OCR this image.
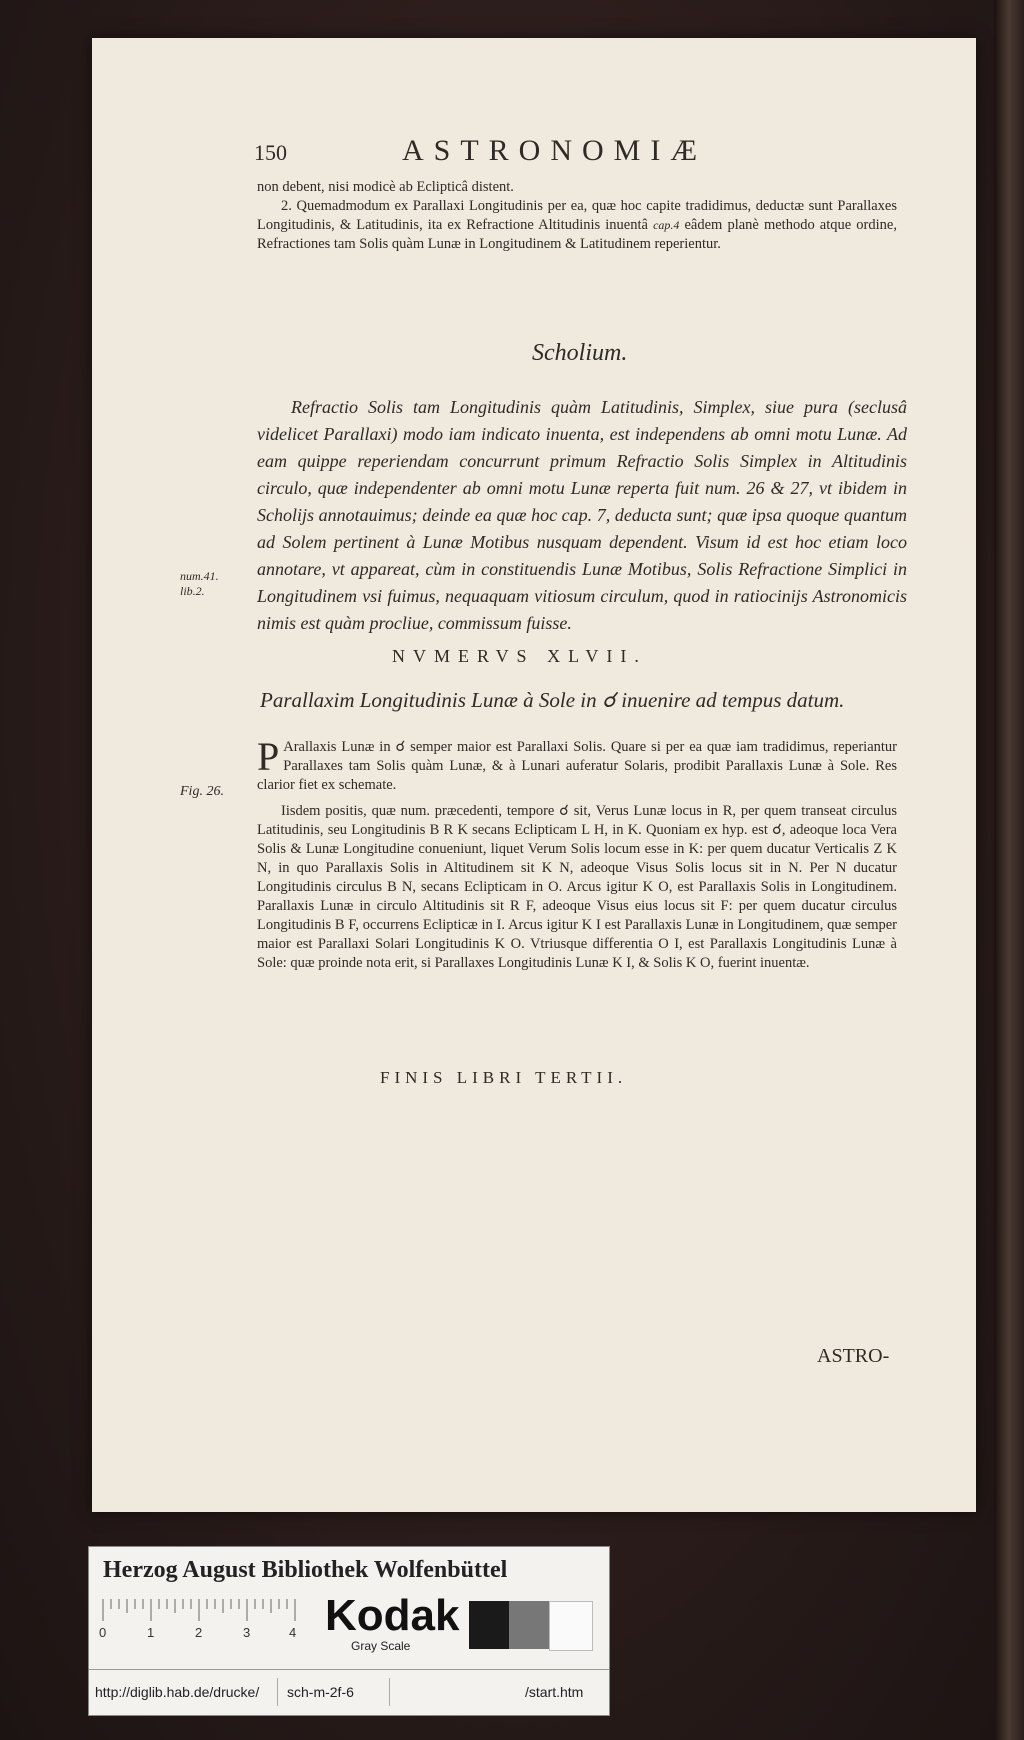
150	ASTRONOMIÆ

non debent, nisi modicè ab Eclipticâ distent.

2. Quemadmodum ex Parallaxi Longitudinis per ea, quæ hoc capite tradidimus, deductæ sunt Parallaxes Longitudinis, & Latitudinis, ita ex Refractione Altitudinis inuentâ cap.4 eâdem planè methodo atque ordine, Refractiones tam Solis quàm Lunæ in Longitudinem & Latitudinem reperientur.

Scholium.

Refractio Solis tam Longitudinis quàm Latitudinis, Simplex, siue pura (seclusâ videlicet Parallaxi) modo iam indicato inuenta, est independens ab omni motu Lunæ. Ad eam quippe reperiendam concurrunt primum Refractio Solis Simplex in Altitudinis circulo, quæ independenter ab omni motu Lunæ reperta fuit num. 26 & 27, vt ibidem in Scholijs annotauimus; deinde ea quæ hoc cap. 7, deducta sunt; quæ ipsa quoque quantum ad Solem pertinent à Lunæ Motibus nusquam dependent. Visum id est hoc etiam loco annotare, vt appareat, cùm in constituendis Lunæ Motibus, Solis Refractione Simplici in Longitudinem vsi fuimus, nequaquam vitiosum circulum, quod in ratiocinijs Astronomicis nimis est quàm procliue, commissum fuisse.

num.41. lib.2.
NVMERVS XLVII.
Parallaxim Longitudinis Lunæ à Sole in ☌ inuenire ad tempus datum.
Fig. 26.
P Arallaxis Lunæ in ☌ semper maior est Parallaxi Solis. Quare si per ea quæ iam tradidimus, reperiantur Parallaxes tam Solis quàm Lunæ, & à Lunari auferatur Solaris, prodibit Parallaxis Lunæ à Sole. Res clarior fiet ex schemate.

Iisdem positis, quæ num. præcedenti, tempore ☌ sit, Verus Lunæ locus in R, per quem transeat circulus Latitudinis, seu Longitudinis B R K secans Eclipticam L H, in K. Quoniam ex hyp. est ☌, adeoque loca Vera Solis & Lunæ Longitudine conueniunt, liquet Verum Solis locum esse in K: per quem ducatur Verticalis Z K N, in quo Parallaxis Solis in Altitudinem sit K N, adeoque Visus Solis locus sit in N. Per N ducatur Longitudinis circulus B N, secans Eclipticam in O. Arcus igitur K O, est Parallaxis Solis in Longitudinem. Parallaxis Lunæ in circulo Altitudinis sit R F, adeoque Visus eius locus sit F: per quem ducatur circulus Longitudinis B F, occurrens Eclipticæ in I. Arcus igitur K I est Parallaxis Lunæ in Longitudinem, quæ semper maior est Parallaxi Solari Longitudinis K O. Vtriusque differentia O I, est Parallaxis Longitudinis Lunæ à Sole: quæ proinde nota erit, si Parallaxes Longitudinis Lunæ K I, & Solis K O, fuerint inuentæ.

FINIS LIBRI TERTII.
ASTRO-
Herzog August Bibliothek Wolfenbüttel
0	1	2	3	4 Kodak
Gray Scale
http://diglib.hab.de/drucke/ sch-m-2f-6	/start.htm
